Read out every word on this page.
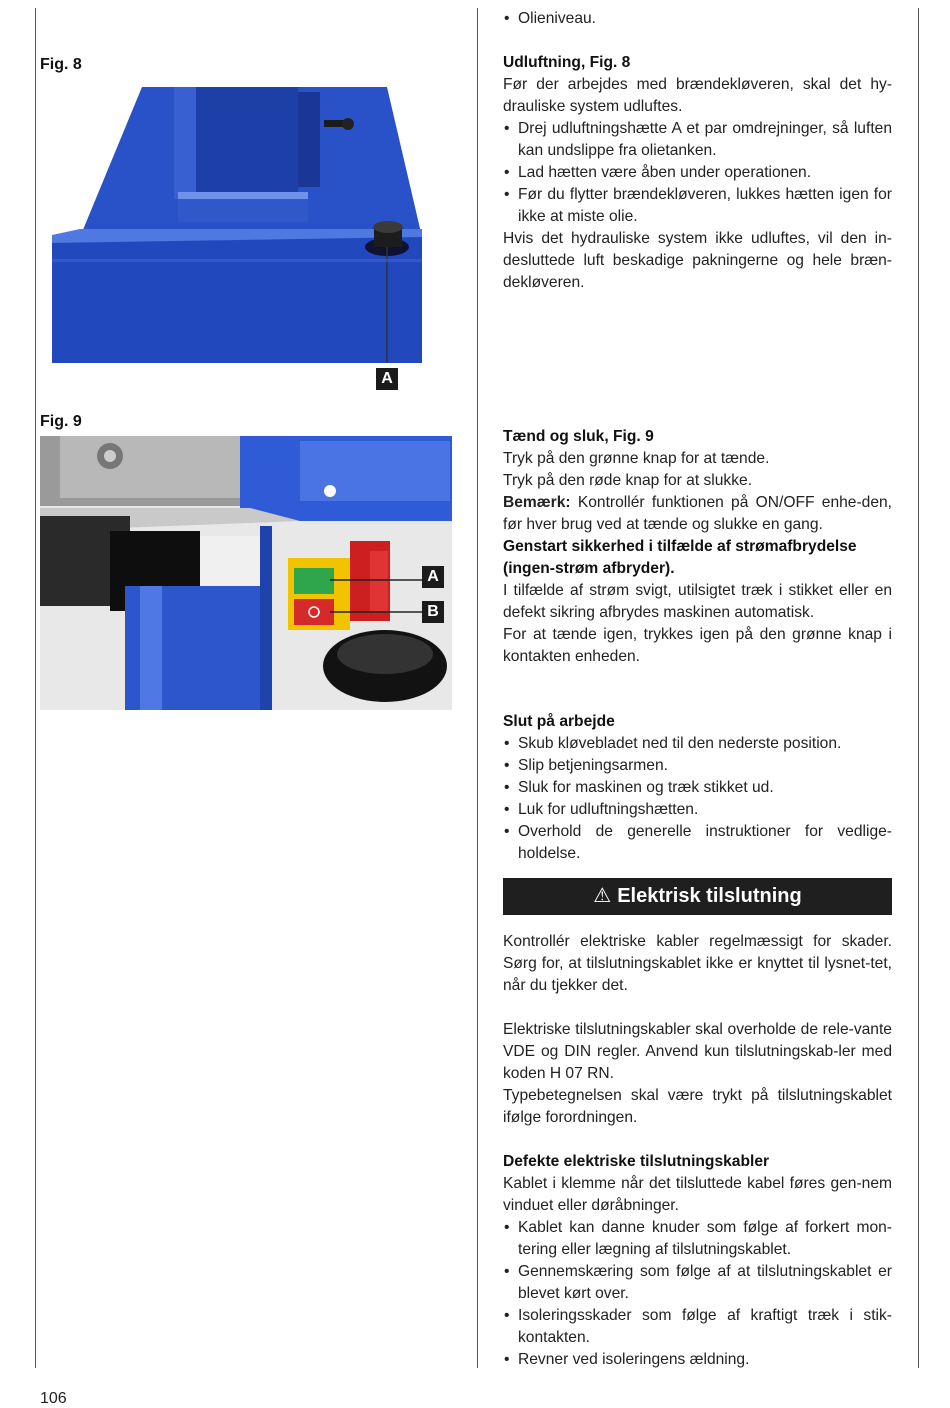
Fig. 8
A
Fig. 9
A
B
• Olieniveau.
Udluftning, Fig. 8

Før der arbejdes med brændekløveren, skal det hy-drauliske system udluftes.

• Drej udluftningshætte A et par omdrejninger, så luften kan undslippe fra olietanken.
• Lad hætten være åben under operationen.
• Før du flytter brændekløveren, lukkes hætten igen for ikke at miste olie.

Hvis det hydrauliske system ikke udluftes, vil den in-desluttede luft beskadige pakningerne og hele bræn-dekløveren.

Tænd og sluk, Fig. 9

Tryk på den grønne knap for at tænde.

Tryk på den røde knap for at slukke.

Bemærk: Kontrollér funktionen på ON/OFF enhe-den, før hver brug ved at tænde og slukke en gang.

Genstart sikkerhed i tilfælde af strømafbrydelse (ingen-strøm afbryder).

I tilfælde af strøm svigt, utilsigtet træk i stikket eller en defekt sikring afbrydes maskinen automatisk.

For at tænde igen, trykkes igen på den grønne knap i kontakten enheden.

Slut på arbejde
• Skub kløvebladet ned til den nederste position.
• Slip betjeningsarmen.
• Sluk for maskinen og træk stikket ud.
• Luk for udluftningshætten.
• Overhold de generelle instruktioner for vedlige-holdelse.
⚠ Elektrisk tilslutning

Kontrollér elektriske kabler regelmæssigt for skader. Sørg for, at tilslutningskablet ikke er knyttet til lysnet-tet, når du tjekker det.

Elektriske tilslutningskabler skal overholde de rele-vante VDE og DIN regler. Anvend kun tilslutningskab-ler med koden H 07 RN.

Typebetegnelsen skal være trykt på tilslutningskablet ifølge forordningen.

Defekte elektriske tilslutningskabler

Kablet i klemme når det tilsluttede kabel føres gen-nem vinduet eller døråbninger.

• Kablet kan danne knuder som følge af forkert mon-tering eller lægning af tilslutningskablet.
• Gennemskæring som følge af at tilslutningskablet er blevet kørt over.
• Isoleringsskader som følge af kraftigt træk i stik-kontakten.
• Revner ved isoleringens ældning.
106
